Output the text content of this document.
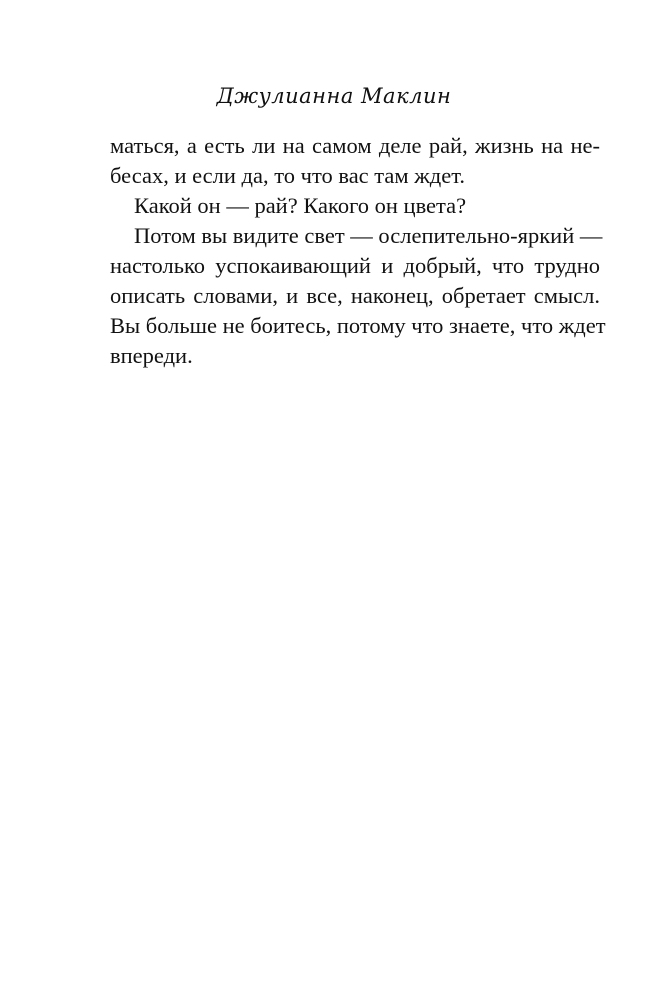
Джулианна Маклин
маться, а есть ли на самом деле рай, жизнь на не-
бесах, и если да, то что вас там ждет.
Какой он — рай? Какого он цвета?
Потом вы видите свет — ослепительно-яркий —
настолько успокаивающий и добрый, что трудно
описать словами, и все, наконец, обретает смысл.
Вы больше не боитесь, потому что знаете, что ждет
впереди.
